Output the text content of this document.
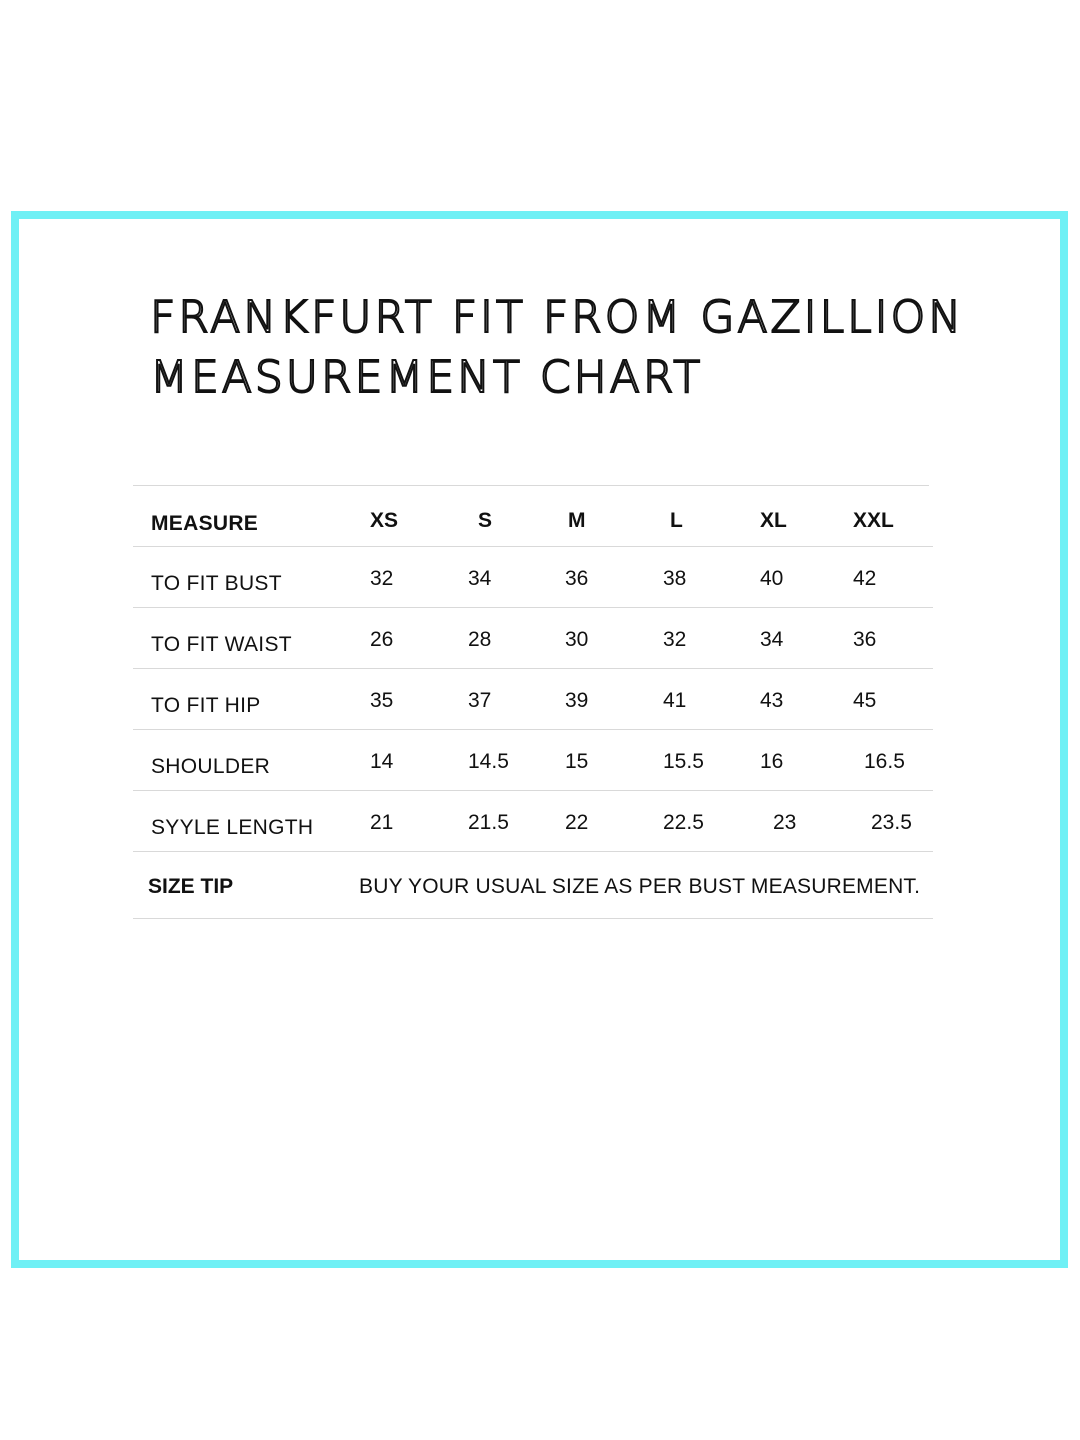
FRANKFURT FIT FROM GAZILLION
MEASUREMENT CHART
MEASURE	XS	S	M	L	XL	XXL
TO FIT BUST	32	34	36	38	40	42
TO FIT WAIST	26	28	30	32	34	36
TO FIT HIP	35	37	39	41	43	45
SHOULDER	14	14.5	15	15.5	16	16.5
SYYLE LENGTH	21	21.5	22	22.5	23	23.5
SIZE TIP	BUY YOUR USUAL SIZE AS PER BUST MEASUREMENT.
